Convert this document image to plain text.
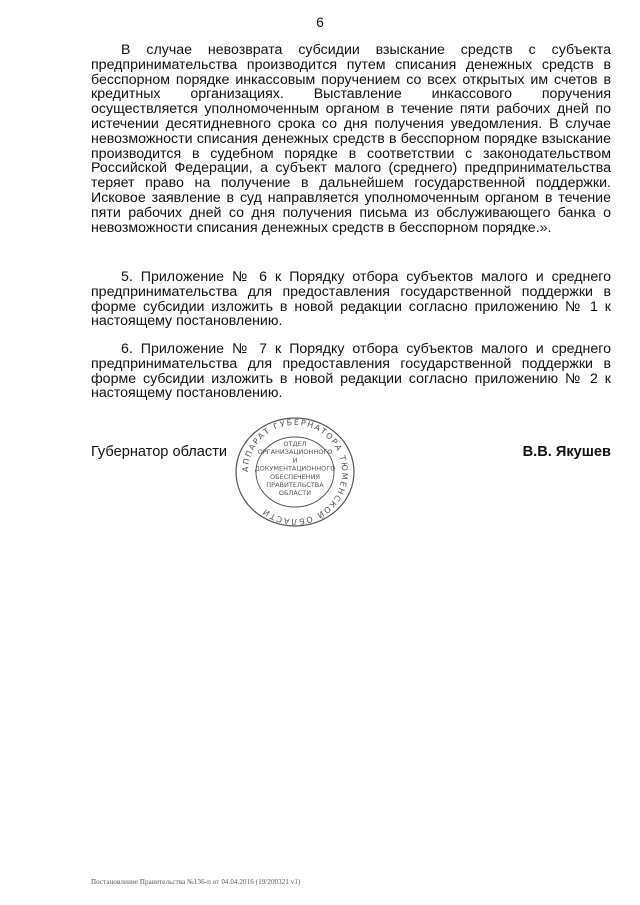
6

В случае невозврата субсидии взыскание средств с субъекта предпринимательства производится путем списания денежных средств в бесспорном порядке инкассовым поручением со всех открытых им счетов в кредитных организациях. Выставление инкассового поручения осуществляется уполномоченным органом в течение пяти рабочих дней по истечении десятидневного срока со дня получения уведомления. В случае невозможности списания денежных средств в бесспорном порядке взыскание производится в судебном порядке в соответствии с законодательством Российской Федерации, а субъект малого (среднего) предпринимательства теряет право на получение в дальнейшем государственной поддержки. Исковое заявление в суд направляется уполномоченным органом в течение пяти рабочих дней со дня получения письма из обслуживающего банка о невозможности списания денежных средств в бесспорном порядке.».

5. Приложение № 6 к Порядку отбора субъектов малого и среднего предпринимательства для предоставления государственной поддержки в форме субсидии изложить в новой редакции согласно приложению № 1 к настоящему постановлению.

6. Приложение № 7 к Порядку отбора субъектов малого и среднего предпринимательства для предоставления государственной поддержки в форме субсидии изложить в новой редакции согласно приложению № 2 к настоящему постановлению.

Губернатор области	В.В. Якушев
АППАРАТ ГУБЕРНАТОРА ТЮМЕНСКОЙ ОБЛАСТИ
ОТДЕЛ
ОРГАНИЗАЦИОННОГО
И
ДОКУМЕНТАЦИОННОГО
ОБЕСПЕЧЕНИЯ
ПРАВИТЕЛЬСТВА
ОБЛАСТИ
Постановление Правительства №136-п от 04.04.2016 (19/200321 v1)
